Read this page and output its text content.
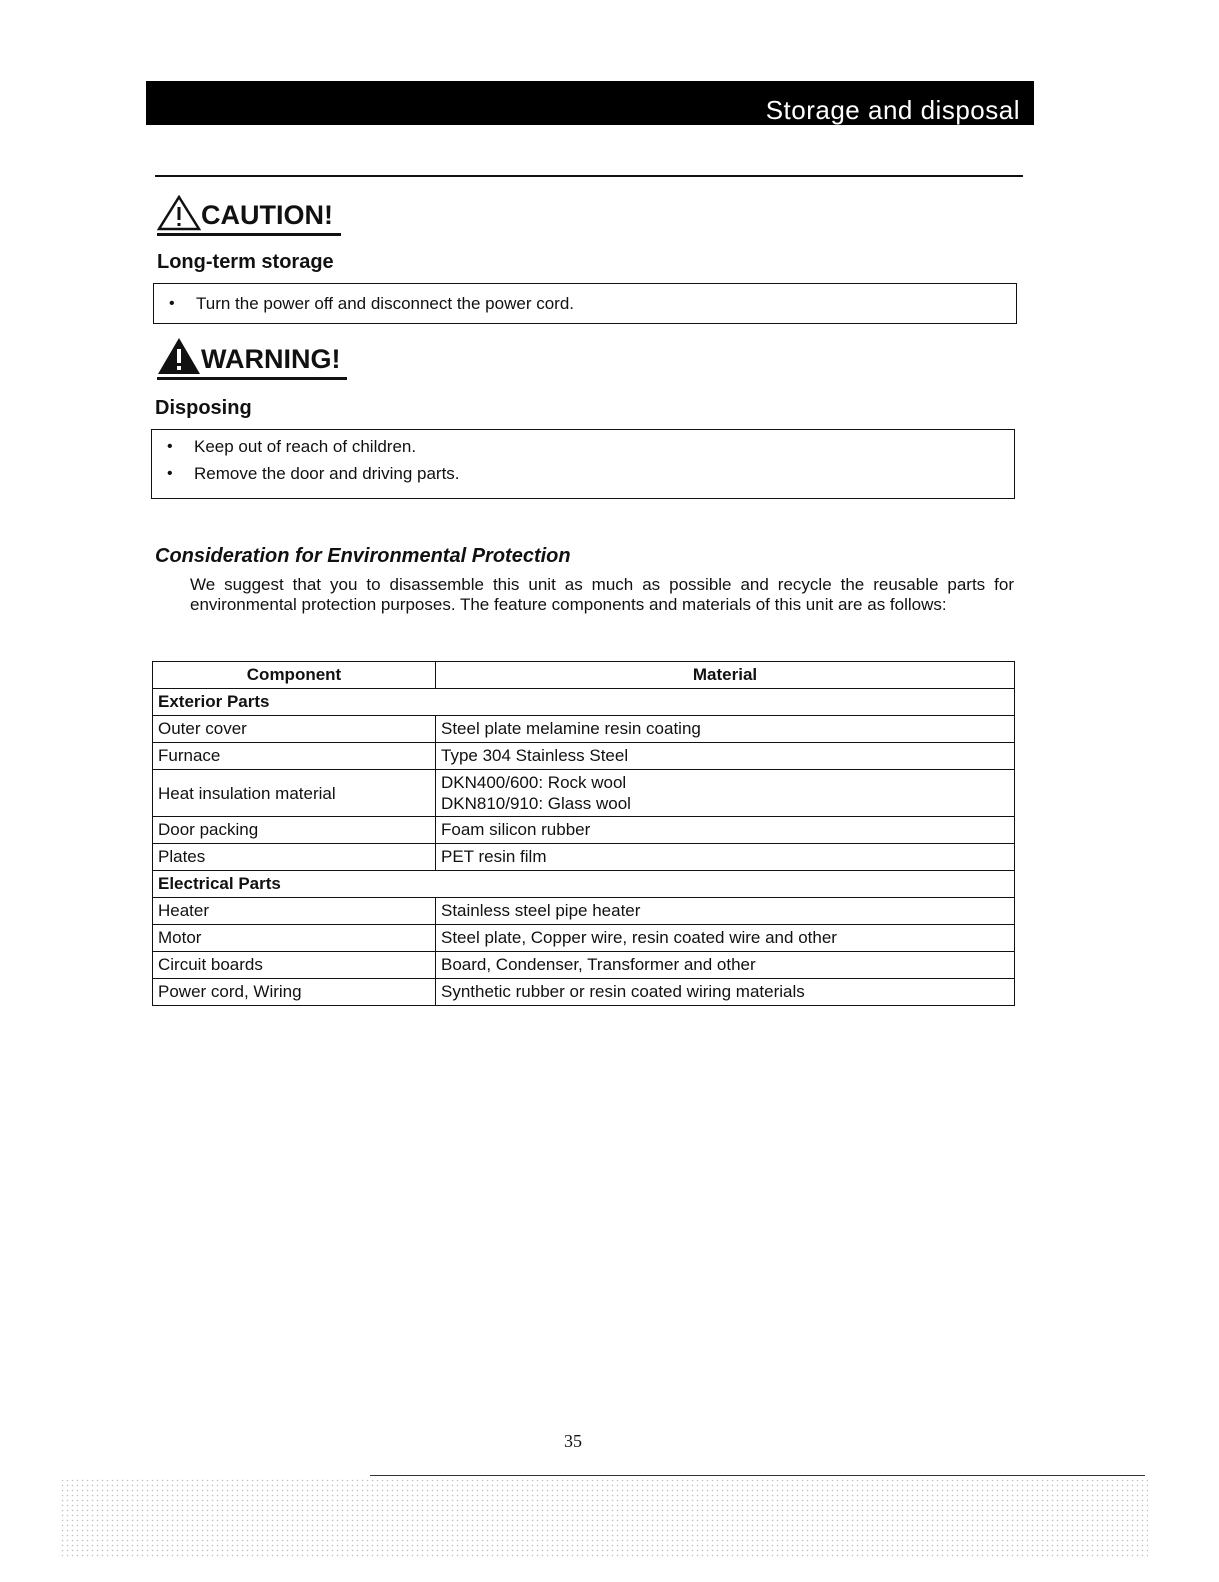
Storage and disposal
CAUTION!
Long-term storage
• Turn the power off and disconnect the power cord.
WARNING!
Disposing
• Keep out of reach of children.
• Remove the door and driving parts.
Consideration for Environmental Protection
We suggest that you to disassemble this unit as much as possible and recycle the reusable parts for environmental protection purposes. The feature components and materials of this unit are as follows:
Component	Material
Exterior Parts	
Outer cover	Steel plate melamine resin coating
Furnace	Type 304 Stainless Steel
Heat insulation material	DKN400/600: Rock wool
DKN810/910: Glass wool

Door packing	Foam silicon rubber
Plates	PET resin film
Electrical Parts	
Heater	Stainless steel pipe heater
Motor	Steel plate, Copper wire, resin coated wire and other
Circuit boards	Board, Condenser, Transformer and other
Power cord, Wiring	Synthetic rubber or resin coated wiring materials
35
